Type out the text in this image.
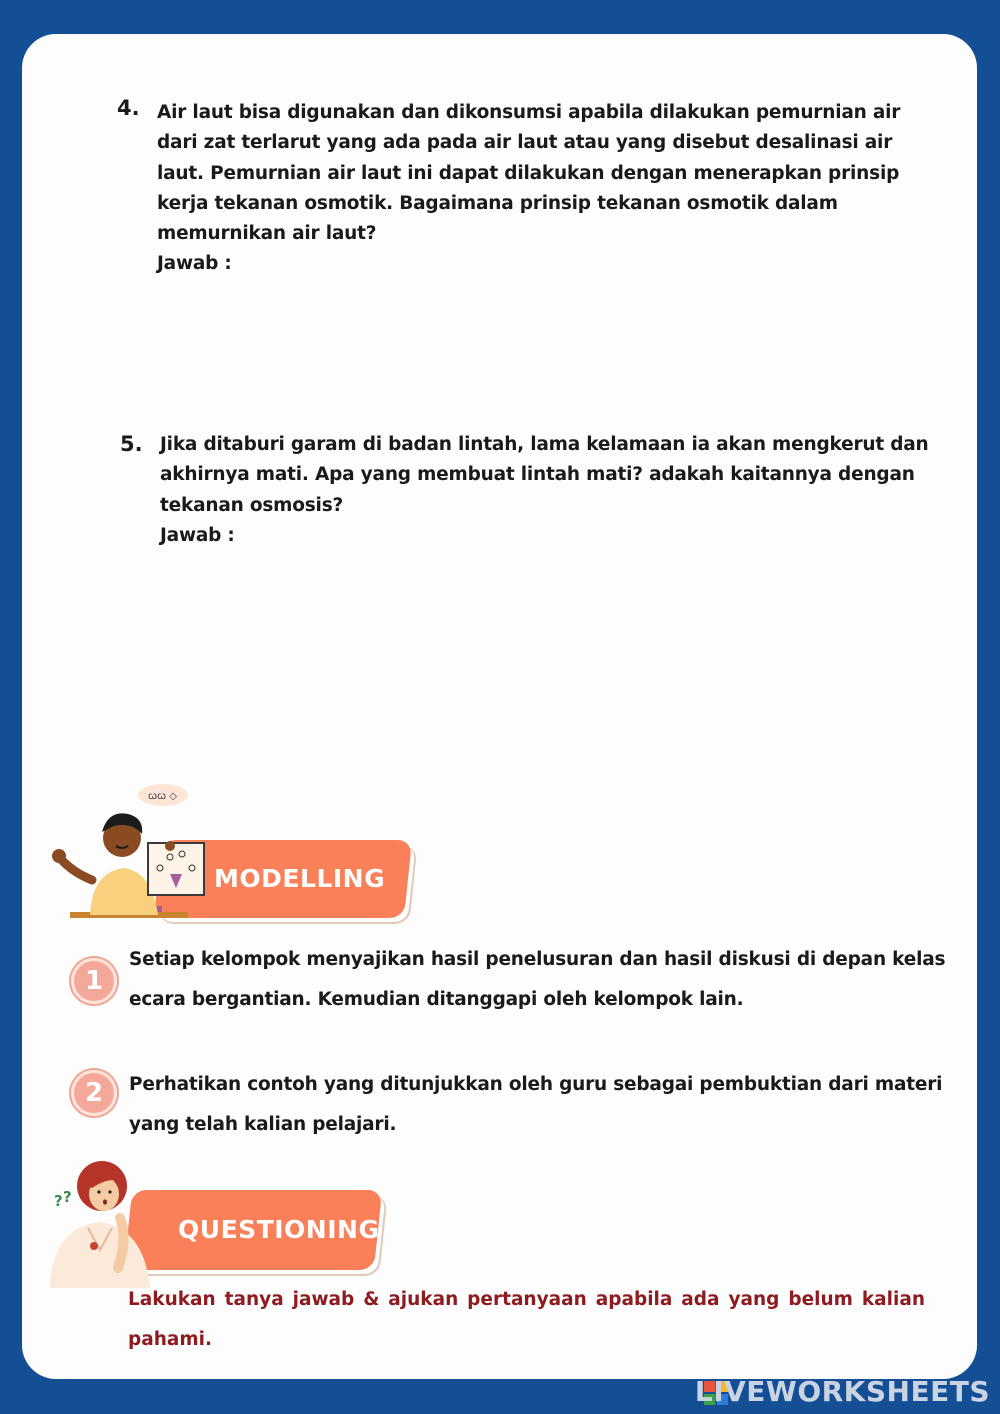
4. Air laut bisa digunakan dan dikonsumsi apabila dilakukan pemurnian air
dari zat terlarut yang ada pada air laut atau yang disebut desalinasi air
laut. Pemurnian air laut ini dapat dilakukan dengan menerapkan prinsip
kerja tekanan osmotik. Bagaimana prinsip tekanan osmotik dalam
memurnikan air laut?
Jawab :
5. Jika ditaburi garam di badan lintah, lama kelamaan ia akan mengkerut dan
akhirnya mati. Apa yang membuat lintah mati? adakah kaitannya dengan
tekanan osmosis?
Jawab :
MODELLING
ꞷꞷ ◇
1
Setiap kelompok menyajikan hasil penelusuran dan hasil diskusi di depan kelas
ecara bergantian. Kemudian ditanggapi oleh kelompok lain.
2	Perhatikan contoh yang ditunjukkan oleh guru sebagai pembuktian dari materi
yang telah kalian pelajari.
QUESTIONING
? ?
Lakukan tanya jawab & ajukan pertanyaan apabila ada yang belum kalian
pahami.
LIVEWORKSHEETS
